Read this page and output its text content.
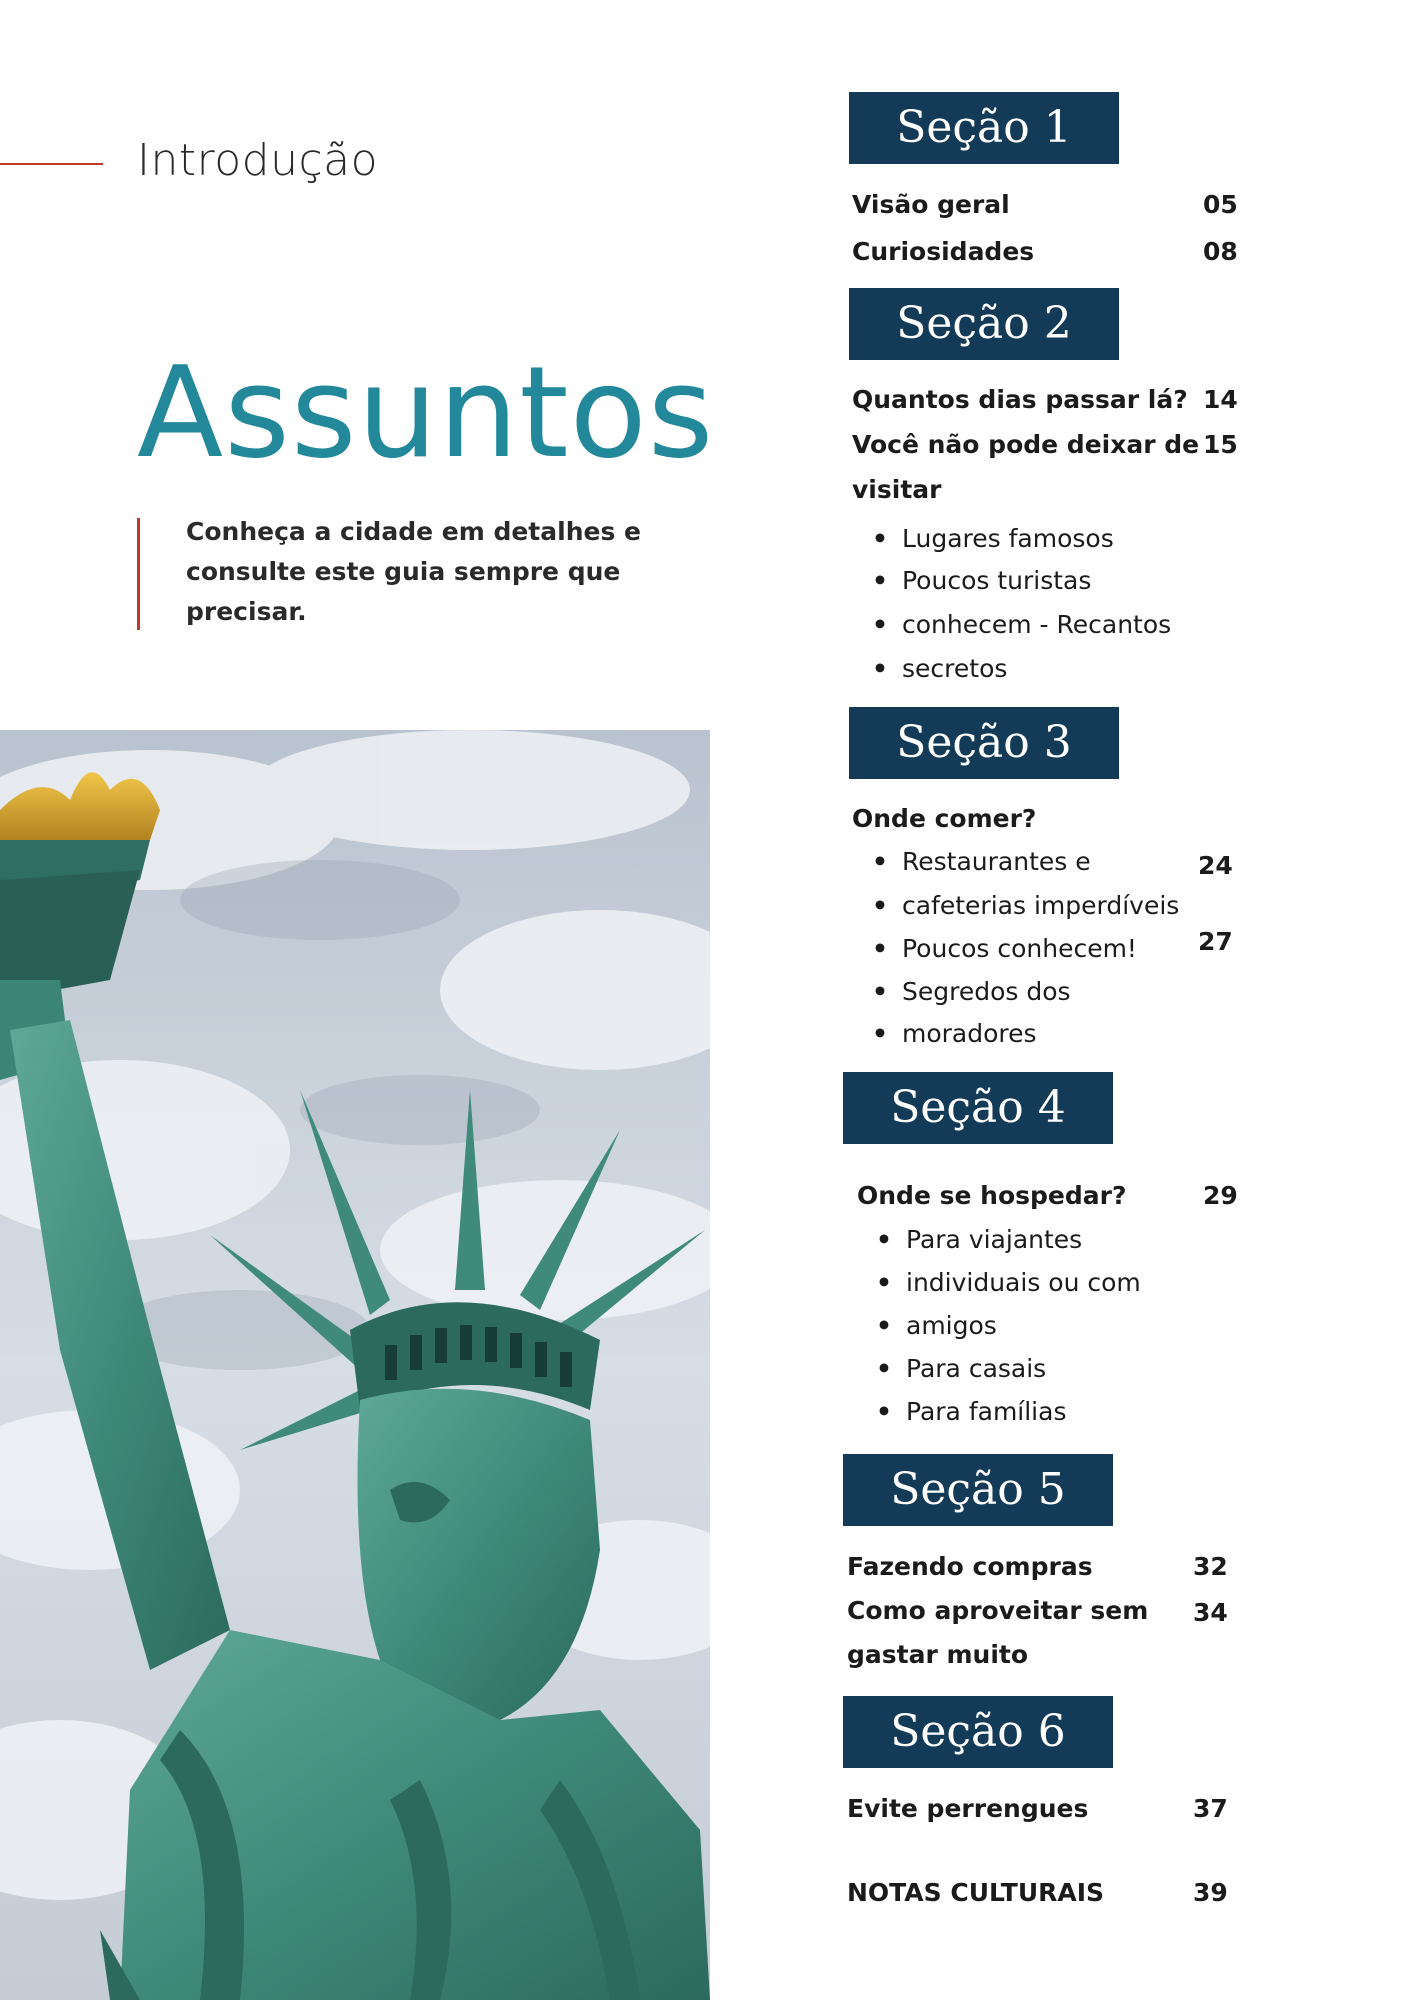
Introdução
Assuntos
Conheça a cidade em detalhes e consulte este guia sempre que precisar.
Seção 1
Visão geral	05
Curiosidades	08
Seção 2
Quantos dias passar lá? 14
Você não pode deixar de 15
visitar
• Lugares famosos
• Poucos turistas
• conhecem - Recantos
• secretos
Seção 3
Onde comer?
• Restaurantes e	24
• cafeterias imperdíveis
• Poucos conhecem! 27
• Segredos dos
• moradores
Seção 4
Onde se hospedar?	29
• Para viajantes
• individuais ou com
• amigos
• Para casais
• Para famílias
Seção 5
Fazendo compras	32
Como aproveitar sem 34
gastar muito
Seção 6
Evite perrengues	37
NOTAS CULTURAIS	39
